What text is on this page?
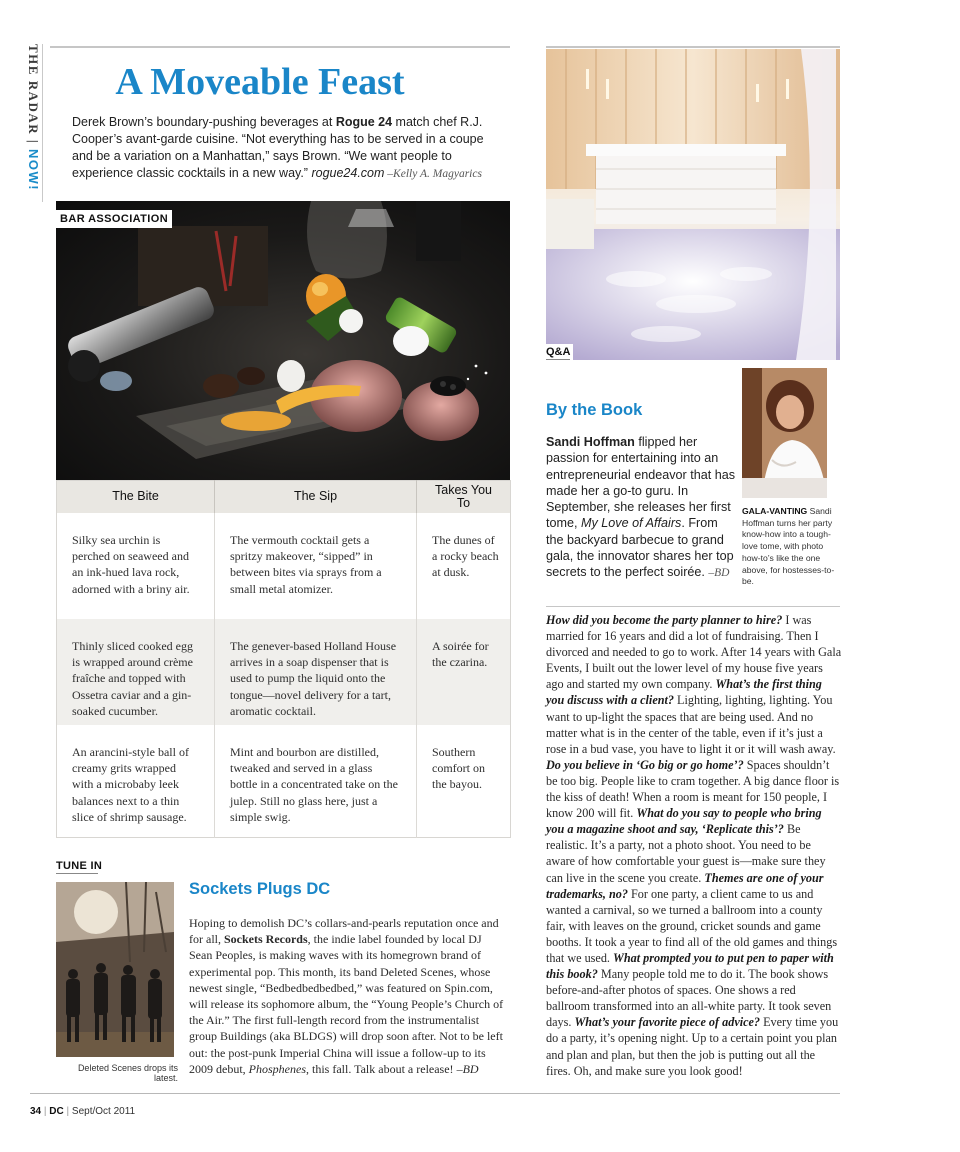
THE RADAR | NOW!
A Moveable Feast

Derek Brown’s boundary-pushing beverages at Rogue 24 match chef R.J. Cooper’s avant-garde cuisine. “Not everything has to be served in a coupe and be a variation on a Manhattan,” says Brown. “We want people to experience classic cocktails in a new way.” rogue24.com –Kelly A. Magyarics

BAR ASSOCIATION
The Bite	The Sip	Takes You To
Silky sea urchin is perched on seaweed and an ink-hued lava rock, adorned with a briny air.	The vermouth cocktail gets a spritzy makeover, “sipped” in between bites via sprays from a small metal atomizer.	The dunes of a rocky beach at dusk.
Thinly sliced cooked egg is wrapped around crème fraîche and topped with Ossetra caviar and a gin-soaked cucumber.	The genever-based Holland House arrives in a soap dispenser that is used to pump the liquid onto the tongue—novel delivery for a tart, aromatic cocktail.	A soirée for the czarina.
An arancini-style ball of creamy grits wrapped with a microbaby leek balances next to a thin slice of shrimp sausage.	Mint and bourbon are distilled, tweaked and served in a glass bottle in a concentrated take on the julep. Still no glass here, just a simple swig.	Southern comfort on the bayou.
TUNE IN
Deleted Scenes drops its latest.
Sockets Plugs DC

Hoping to demolish DC’s collars-and-pearls reputation once and for all, Sockets Records, the indie label founded by local DJ Sean Peoples, is making waves with its homegrown brand of experimental pop. This month, its band Deleted Scenes, whose newest single, “Bedbedbedbedbed,” was featured on Spin.com, will release its sophomore album, the “Young People’s Church of the Air.” The first full-length record from the instrumentalist group Buildings (aka BLDGS) will drop soon after. Not to be left out: the post-punk Imperial China will issue a follow-up to its 2009 debut, Phosphenes, this fall. Talk about a release! –BD

Q&A
By the Book

Sandi Hoffman flipped her passion for entertaining into an entrepreneurial endeavor that has made her a go-to guru. In September, she releases her first tome, My Love of Affairs. From the backyard barbecue to grand gala, the innovator shares her top secrets to the perfect soirée. –BD

GALA-VANTING Sandi Hoffman turns her party know-how into a tough-love tome, with photo how-to’s like the one above, for hostesses-to-be.

How did you become the party planner to hire? I was married for 16 years and did a lot of fundraising. Then I divorced and needed to go to work. After 14 years with Gala Events, I built out the lower level of my house five years ago and started my own company. What’s the first thing you discuss with a client? Lighting, lighting, lighting. You want to up-light the spaces that are being used. And no matter what is in the center of the table, even if it’s just a rose in a bud vase, you have to light it or it will wash away. Do you believe in ‘Go big or go home’? Spaces shouldn’t be too big. People like to cram together. A big dance floor is the kiss of death! When a room is meant for 150 people, I know 200 will fit. What do you say to people who bring you a magazine shoot and say, ‘Replicate this’? Be realistic. It’s a party, not a photo shoot. You need to be aware of how comfortable your guest is—make sure they can live in the scene you create. Themes are one of your trademarks, no? For one party, a client came to us and wanted a carnival, so we turned a ballroom into a county fair, with leaves on the ground, cricket sounds and game booths. It took a year to find all of the old games and things that we used. What prompted you to put pen to paper with this book? Many people told me to do it. The book shows before-and-after photos of spaces. One shows a red ballroom transformed into an all-white party. It took seven days. What’s your favorite piece of advice? Every time you do a party, it’s opening night. Up to a certain point you plan and plan and plan, but then the job is putting out all the fires. Oh, and make sure you look good!

34 | DC | Sept/Oct 2011
